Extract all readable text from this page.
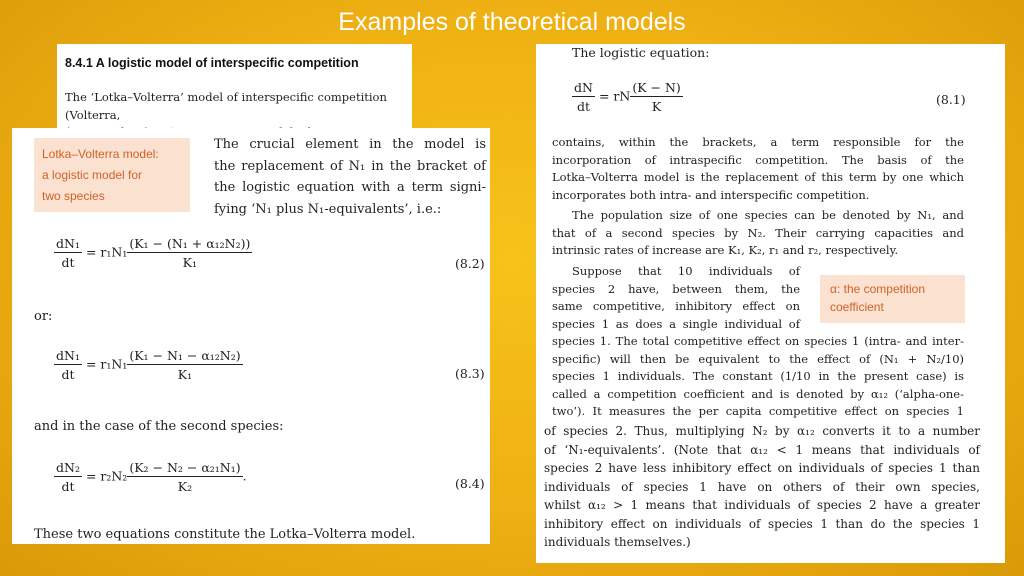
Examples of theoretical models
8.4.1 A logistic model of interspecific competition
The ‘Lotka–Volterra’ model of interspecific competition (Volterra,
Lotka–Volterra model:
a logistic model for
two species
The crucial element in the model is
the replacement of N₁ in the bracket of
the logistic equation with a term signi-
fying ‘N₁ plus N₁-equivalents’, i.e.:
$\frac{\text{dN₁}}{dt} = r_1N_1 \frac{\text{(K₁ − (N₁ + α₁₂N₂))}}{\text{K₁}}$	(8.2)
or:
$\frac{\text{dN₁}}{dt} = r_1N_1 \frac{\text{(K₁ − N₁ − α₁₂N₂)}}{\text{K₁}}$	(8.3)
and in the case of the second species:
$\frac{\text{dN₂}}{dt} = r_2N_2 \frac{\text{(K₂ − N₂ − α₂₁N₁)}}{\text{K₂}}$ .	(8.4)
These two equations constitute the Lotka–Volterra model.
The logistic equation:
$\frac{dN}{dt}$ = rN $\frac{(K - N)}{K}$	(8.1)
contains, within the brackets, a term responsible for the
incorporation of intraspecific competition. The basis of the
Lotka–Volterra model is the replacement of this term by one which
incorporates both intra- and interspecific competition.
The population size of one species can be denoted by N₁, and
that of a second species by N₂. Their carrying capacities and
intrinsic rates of increase are K₁, K₂, r₁ and r₂, respectively.
Suppose that 10 individuals of
species 2 have, between them, the
same competitive, inhibitory effect on
species 1 as does a single individual of
α: the competition
coefficient
species 1. The total competitive effect on species 1 (intra- and inter-
specific) will then be equivalent to the effect of (N₁ + N₂/10)
species 1 individuals. The constant (1/10 in the present case) is
called a competition coefficient and is denoted by α₁₂ (‘alpha-one-
two’). It measures the per capita competitive effect on species 1
of species 2. Thus, multiplying N₂ by α₁₂ converts it to a number
of ‘N₁-equivalents’. (Note that α₁₂ < 1 means that individuals of
species 2 have less inhibitory effect on individuals of species 1 than
individuals of species 1 have on others of their own species,
whilst α₁₂ > 1 means that individuals of species 2 have a greater
inhibitory effect on individuals of species 1 than do the species 1
individuals themselves.)
